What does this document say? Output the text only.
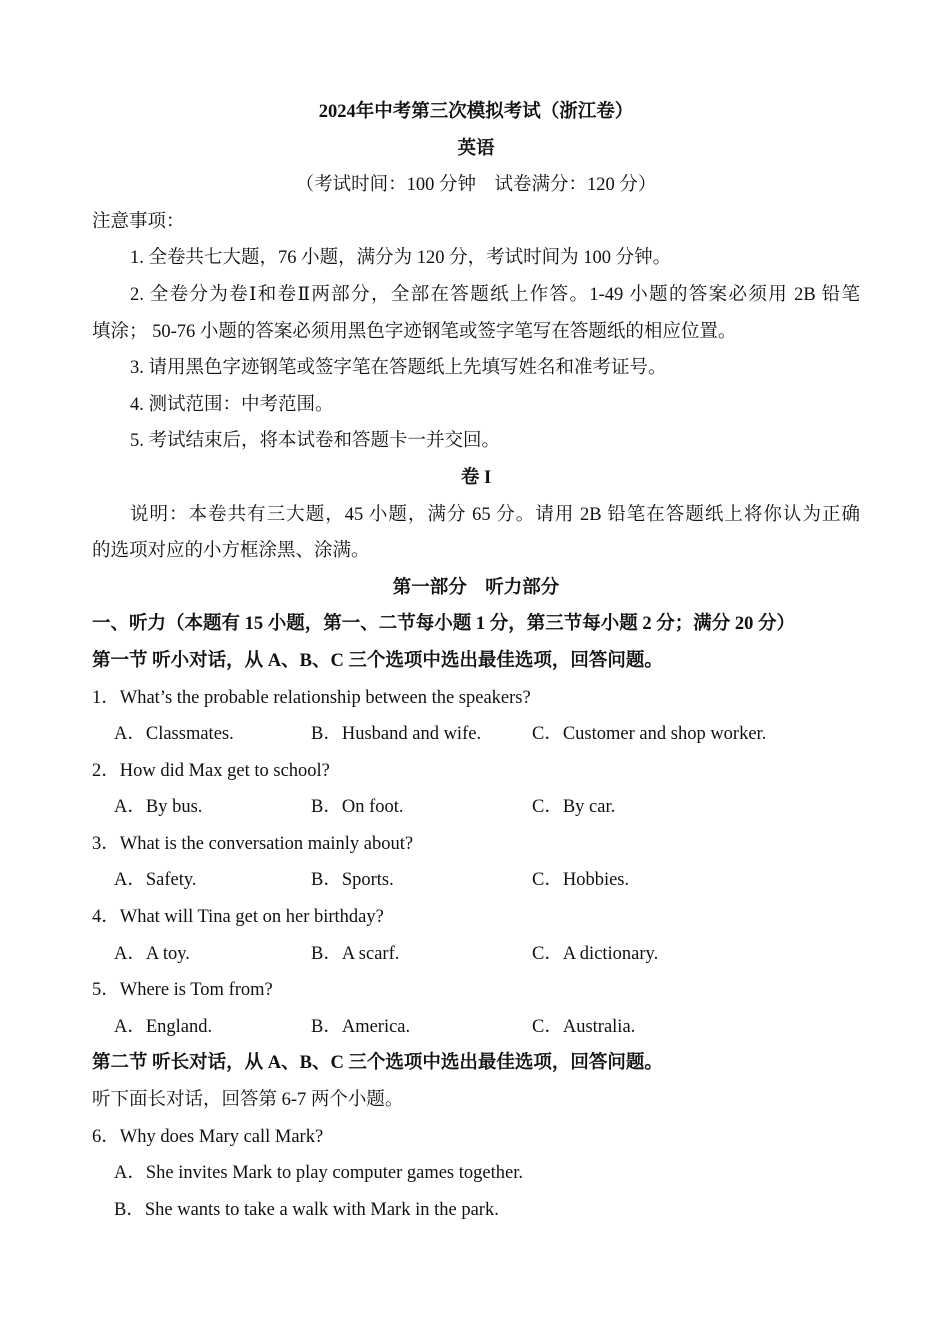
2024年中考第三次模拟考试（浙江卷）
英语
（考试时间：100 分钟　试卷满分：120 分）
注意事项：
1. 全卷共七大题，76 小题，满分为 120 分，考试时间为 100 分钟。
2. 全卷分为卷Ⅰ和卷Ⅱ两部分，全部在答题纸上作答。1-49 小题的答案必须用 2B 铅笔
填涂； 50-76 小题的答案必须用黑色字迹钢笔或签字笔写在答题纸的相应位置。
3. 请用黑色字迹钢笔或签字笔在答题纸上先填写姓名和准考证号。
4. 测试范围：中考范围。
5. 考试结束后，将本试卷和答题卡一并交回。
卷 I
说明：本卷共有三大题，45 小题，满分 65 分。请用 2B 铅笔在答题纸上将你认为正确
的选项对应的小方框涂黑、涂满。
第一部分　听力部分
一、听力（本题有 15 小题，第一、二节每小题 1 分，第三节每小题 2 分；满分 20 分）
第一节 听小对话，从 A、B、C 三个选项中选出最佳选项，回答问题。
1．What’s the probable relationship between the speakers?
A．Classmates.	B．Husband and wife.	C．Customer and shop worker.
2．How did Max get to school?
A．By bus.	B．On foot.	C．By car.
3．What is the conversation mainly about?
A．Safety.	B．Sports.	C．Hobbies.
4．What will Tina get on her birthday?
A．A toy.	B．A scarf.	C．A dictionary.
5．Where is Tom from?
A．England.	B．America.	C．Australia.
第二节 听长对话，从 A、B、C 三个选项中选出最佳选项，回答问题。
听下面长对话，回答第 6-7 两个小题。
6．Why does Mary call Mark?
A．She invites Mark to play computer games together.
B．She wants to take a walk with Mark in the park.
